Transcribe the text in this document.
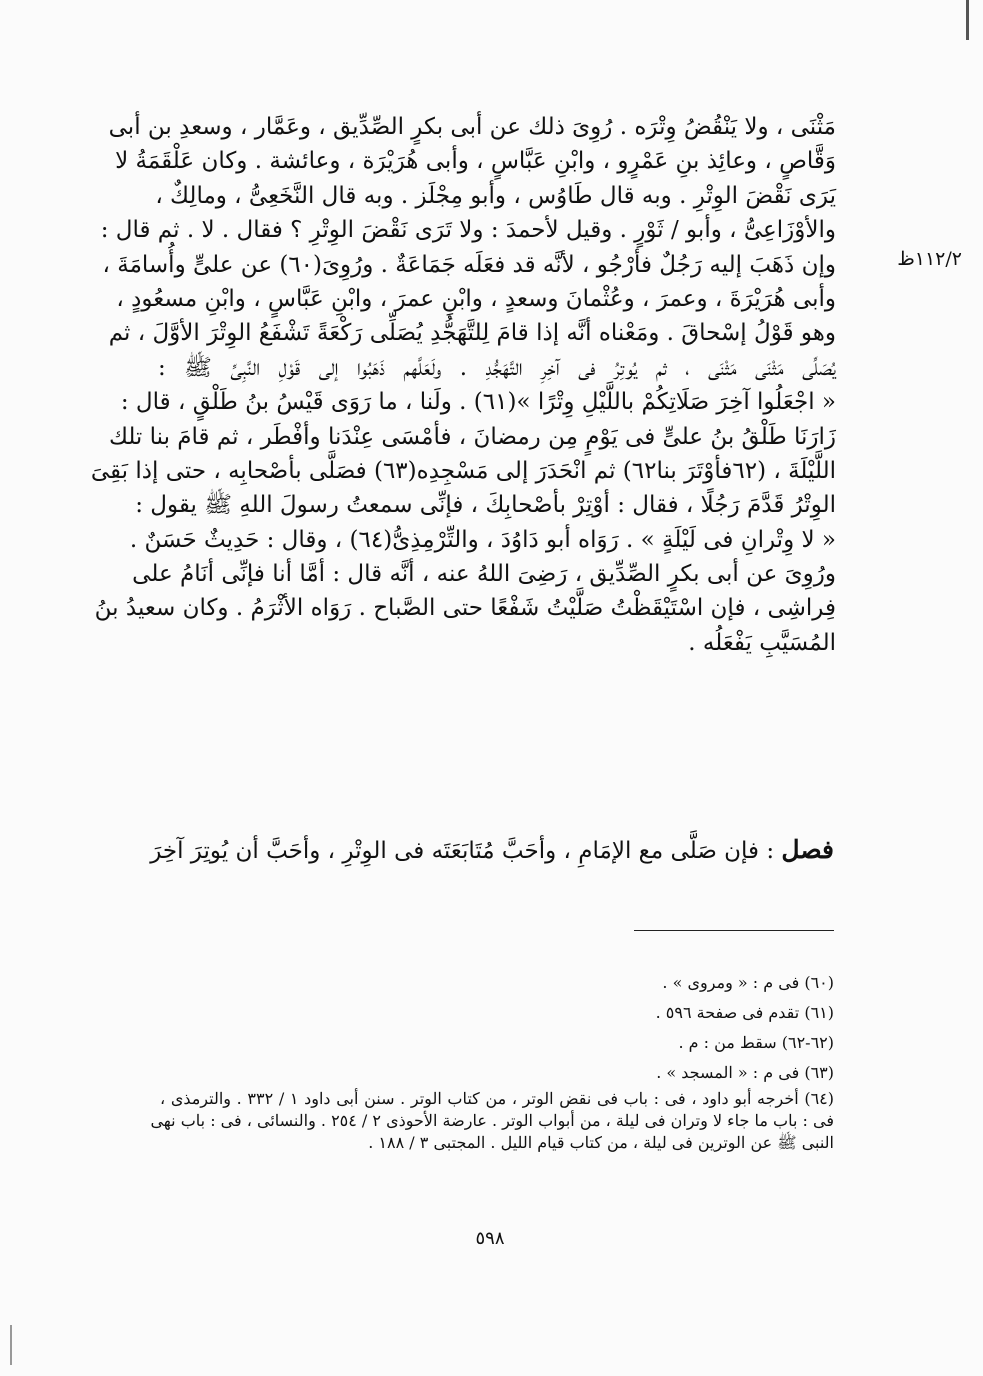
١١٢/٢ظ
مَثْنَى ، ولا يَنْقُضُ وِتْرَه . رُوِىَ ذلك عن أبى بكرٍ الصِّدِّيق ، وعَمَّار ، وسعدِ بن أبى
وَقَّاصٍ ، وعائِذ بنِ عَمْرٍو ، وابْنِ عَبَّاسٍ ، وأبى هُرَيْرَة ، وعائشة . وكان عَلْقَمَةُ لا
يَرَى نَقْضَ الوِتْرِ . وبه قال طَاوُس ، وأبو مِجْلَز . وبه قال النَّخَعِىُّ ، ومالِكٌ ،
والأوْزَاعِىُّ ، وأبو / ثَوْرٍ . وقيل لأحمدَ : ولا تَرَى نَقْضَ الوِتْرِ ؟ فقال . لا . ثم قال :
وإن ذَهَبَ إليه رَجُلٌ فأرْجُو ، لأنَّه قد فعَلَه جَمَاعَةٌ . ورُوِىَ(٦٠) عن علىٍّ وأُسامَةَ ،
وأبى هُرَيْرَةَ ، وعمرَ ، وعُثْمانَ وسعدٍ ، وابْنِ عمرَ ، وابْنِ عَبَّاسٍ ، وابْنِ مسعُودٍ ،
وهو قَوْلُ إسْحاقَ . ومَعْناه أنَّه إذا قامَ لِلتَّهَجُّدِ يُصَلِّى رَكْعَةً تَشْفَعُ الوِتْرَ الأوَّلَ ، ثم
يُصَلِّى مَثْنَى مَثْنَى ، ثم يُوتِرُ فى آخِرِ التَّهَجُّدِ . ولَعَلَّهم ذَهَبُوا إلى قَوْلِ النَّبِىِّ ﷺ :
« اجْعَلُوا آخِرَ صَلَاتِكُمْ باللَّيْلِ وِتْرًا »(٦١) . ولَنا ، ما رَوَى قَيْسُ بنُ طَلْقٍ ، قال :
زَارَنَا طَلْقُ بنُ علىٍّ فى يَوْمٍ مِن رمضانَ ، فأمْسَى عِنْدَنا وأفْطَر ، ثم قامَ بنا تلك
اللَّيْلَةَ ، (٦٢فأوْتَرَ بنا٦٢) ثم انْحَدَرَ إلى مَسْجِدِه(٦٣) فصَلَّى بأصْحابِه ، حتى إذا بَقِىَ
الوِتْرُ قَدَّمَ رَجُلًا ، فقال : أوْتِرْ بأصْحابِكَ ، فإنِّى سمعتُ رسولَ اللهِ ﷺ يقول :
« لا وِتْرانِ فى لَيْلَةٍ » . رَوَاه أبو دَاوُدَ ، والتِّرْمِذِىُّ(٦٤) ، وقال : حَدِيثٌ حَسَنٌ .
ورُوِىَ عن أبى بكرٍ الصِّدِّيق ، رَضِىَ اللهُ عنه ، أنَّه قال : أمَّا أنا فإنِّى أنَامُ على
فِراشِى ، فإن اسْتَيْقَظْتُ صَلَّيْتُ شَفْعًا حتى الصَّباح . رَوَاه الأثْرَمُ . وكان سعيدُ بنُ
المُسَيَّبِ يَفْعَلُه .
فصل : فإن صَلَّى مع الإمَامِ ، وأحَبَّ مُتَابَعَتَه فى الوِتْرِ ، وأحَبَّ أن يُوتِرَ آخِرَ
(٦٠) فى م : « ومروى » .
(٦١) تقدم فى صفحة ٥٩٦ .
(٦٢-٦٢) سقط من : م .
(٦٣) فى م : « المسجد » .
(٦٤) أخرجه أبو داود ، فى : باب فى نقض الوتر ، من كتاب الوتر . سنن أبى داود ١ / ٣٣٢ . والترمذى ،
فى : باب ما جاء لا وتران فى ليلة ، من أبواب الوتر . عارضة الأحوذى ٢ / ٢٥٤ . والنسائى ، فى : باب نهى
النبى ﷺ عن الوترين فى ليلة ، من كتاب قيام الليل . المجتبى ٣ / ١٨٨ .
٥٩٨
